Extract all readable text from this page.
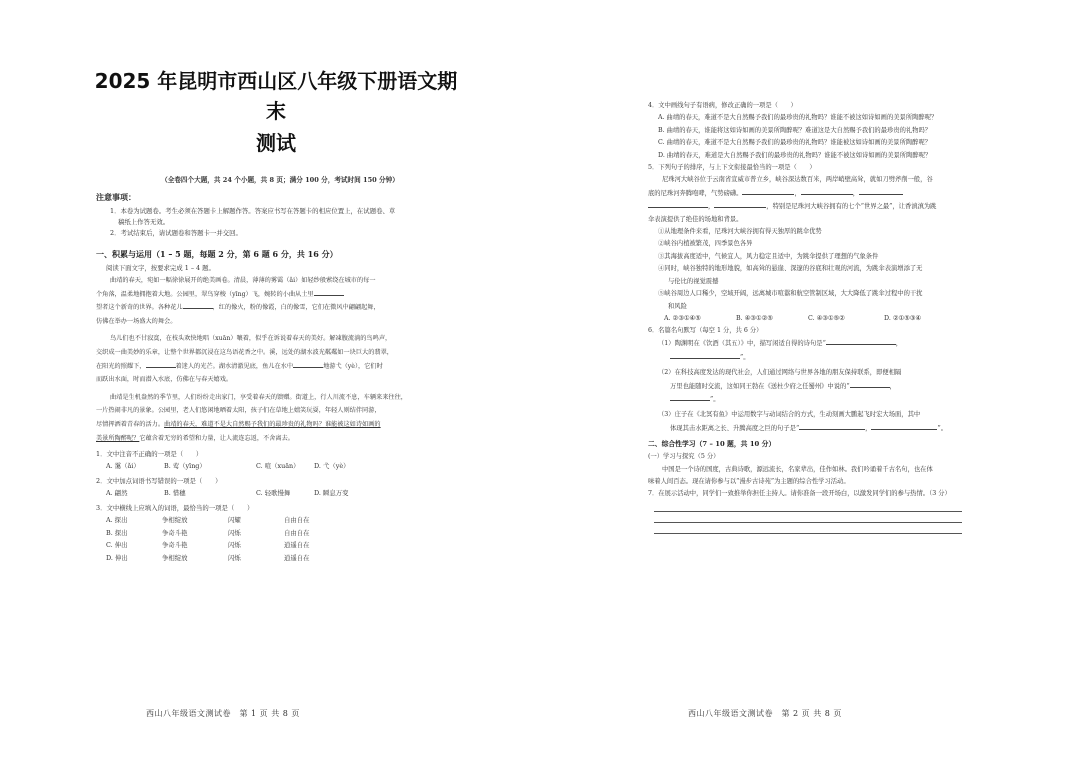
2025 年昆明市西山区八年级下册语文期末
测试
（全卷四个大题，共 24 个小题，共 8 页；满分 100 分，考试时间 150 分钟）
注意事项：
1．本卷为试题卷。考生必须在答题卡上解题作答。答案应书写在答题卡的相应位置上，在试题卷、草
稿纸上作答无效。
2．考试结束后，请试题卷和答题卡一并交回。
一、积累与运用（1 – 5 题，每题 2 分，第 6 题 6 分，共 16 分）
阅读下面文字，按要求完成 1 – 4 题。
曲靖的春天，宛如一幅徐徐展开的绝美画卷。清晨，薄薄的雾霭（ǎi）如轻纱般萦绕在城市的每一
个角落，温柔地拥抱着大地。公园里，翠鸟穿梭（yīng）飞，婉转的小曲从土里
望者这个新奇的世界。各种花儿	，红的像火，粉的像霞，白的像雪，它们在微风中翩翩起舞，
仿佛在举办一场盛大的舞会。
鸟儿们也不甘寂寞，在枝头欢快地唱（xuān）嚷着，似乎在诉说着春天的美好。解凍腹流淌的鸟鸣声，
交织成一曲美妙的乐章，让整个世界都沉浸在这鸟语花香之中。溪，远处的湖水波光粼粼如一块巨大的翡翠，
在阳光的照耀下，	着迷人的光芒。湖水清澈见底，鱼儿在水中	地游弋（yè），它们时
而跃出水面，时而潜入水底，仿佛在与春天嬉戏。
曲靖是生机盎然的季节里，人们纷纷走出家门，享受着春天的馈赠。街道上，行人川流不息，车辆来来往往，
一片热闹非凡的景象。公园里，老人们悠闲地晒着太阳，孩子们在草地上嬉笑玩耍，年轻人则结伴同游，
尽情挥洒着青春的活力。曲靖的春天，难道不是大自然赐予我们的最珍贵的礼物吗？谁能被这如诗如画的
美景所陶醉呢？它蕴含着无穷的希望和力量，让人流连忘返，不舍离去。
1．文中注音不正确的一项是（　　）
A. 霭（ǎi）	B. 莺（yīng）	C. 喧（xuān）	D. 弋（yè）
2．文中加点词语书写错误的一项是（　　）
A. 翩然	B. 惜穗	C. 轻歌慢舞	D. 瞬息万变
3．文中横线上应填入的词语，最恰当的一项是（　　）
A. 探出	争相绽放	闪耀	自由自在
B. 探出	争奇斗艳	闪烁	自由自在
C. 伸出	争奇斗艳	闪烁	逍遥自在
D. 伸出	争相绽放	闪烁	逍遥自在
西山八年级语文测试卷　第 1 页 共 8 页
4．文中画线句子有语病，修改正确的一项是（　　）
A. 曲靖的春天，难道不是大自然赐予我们的最珍贵的礼物吗？谁能不被这如诗如画的美景所陶醉呢？
B. 曲靖的春天，谁能将这如诗如画的美景所陶醉呢？难道这是大自然赐予我们的最珍贵的礼物吗？
C. 曲靖的春天，难道不是大自然赐予我们的最珍贵的礼物吗？谁能被这如诗如画的美景所陶醉呢？
D. 曲靖的春天，难道是大自然赐予我们的最珍贵的礼物吗？谁能不被这如诗如画的美景所陶醉呢？
5．下列句子的排序，与上下文衔接最恰当的一项是（　　）
尼珠河大峡谷位于云南省宣威市普立乡，峡谷深达数百米，两岸峭壁高耸，就如刀劈斧削一般，谷
底的尼珠河奔腾咆哮，气势磅礴。	，	，
，	，特别是尼珠河大峡谷拥有的七个“世界之最”，让香滇滇为跳
伞表演提供了绝佳的场地和背景。
①从地理条件来看，尼珠河大峡谷拥有得天独厚的跳伞优势
②峡谷内植被繁茂，四季景色各异
③其海拔高度适中，气候宜人，风力稳定且适中，为跳伞提供了理想的气象条件
④同时，峡谷独特的地形地貌，如高耸的悬崖、深邃的谷底和壮观的河流，为跳伞表演增添了无
与伦比的视觉震撼
⑤峡谷周边人口稀少，空域开阔，远离城市喧嚣和航空管制区域，大大降低了跳伞过程中的干扰
和风险
A. ②③①④⑤	B. ④③①②⑤	C. ④③①⑤②	D. ②①⑤③④
6．名篇名句默写（每空 1 分，共 6 分）
（1）陶渊明在《饮酒（其五）》中，描写闲适自得的诗句是“	，
”。
（2）在科技高度发达的现代社会，人们通过网络与世界各地的朋友保持联系，即便相隔
万里也能随时交流，这如同王勃在《送杜少府之任蜀州》中说的“	，
”。
（3）庄子在《北冥有鱼》中运用数字与动词结合的方式，生动刻画大鹏起飞时宏大场面，其中
体现其击水距离之长、升腾高度之巨的句子是“	，	”。
二、综合性学习（7 – 10 题，共 10 分）
(一）学习与探究（5 分）
中国是一个诗的国度，古典诗歌，源远流长，名家辈出，佳作如林。我们吟诵着千古名句，也在体
味着人间百态。现在请你参与以“漫步古诗苑”为主题的综合性学习活动。
7．在展示活动中，同学们一致推举你担任主持人。请你准备一段开场白，以激发同学们的参与热情。（3 分）
西山八年级语文测试卷　第 2 页 共 8 页
